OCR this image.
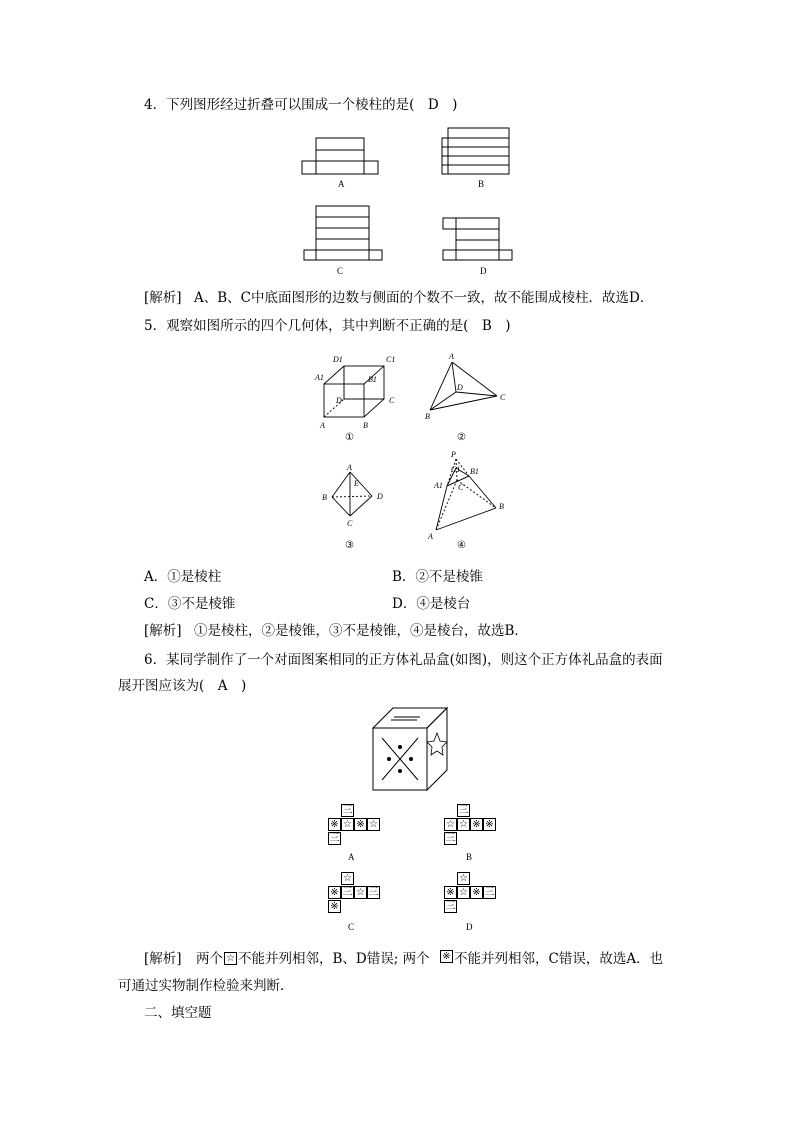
4．下列图形经过折叠可以围成一个棱柱的是(　D　)
A	B
C	D
[解析] A、B、C中底面图形的边数与侧面的个数不一致，故不能围成棱柱．故选D．
5．观察如图所示的四个几何体，其中判断不正确的是(　B　)
D1	C1
A1	B1
D	C
A	B
A
D
B
C
A
E
B	D
C
P
C1 B1
A1 C
B
A
①	②
③	④
A．①是棱柱	B．②不是棱锥
C．③不是棱锥	D．④是棱台
[解析] ①是棱柱，②是棱锥，③不是棱锥，④是棱台，故选B．
6．某同学制作了一个对面图案相同的正方体礼品盒(如图)，则这个正方体礼品盒的表面
展开图应该为(　A　)
三
※ ☆ ※ ☆
三
A
三
☆ ☆ ※ ※
三
B
☆
※ 三 ☆ 三
※
C
☆
※ ☆ ※ 三
三
D
[解析] 两个 ☆ 不能并列相邻，B、D错误; 两个 ※ 不能并列相邻，C错误，故选A．也
可通过实物制作检验来判断．
二、填空题
